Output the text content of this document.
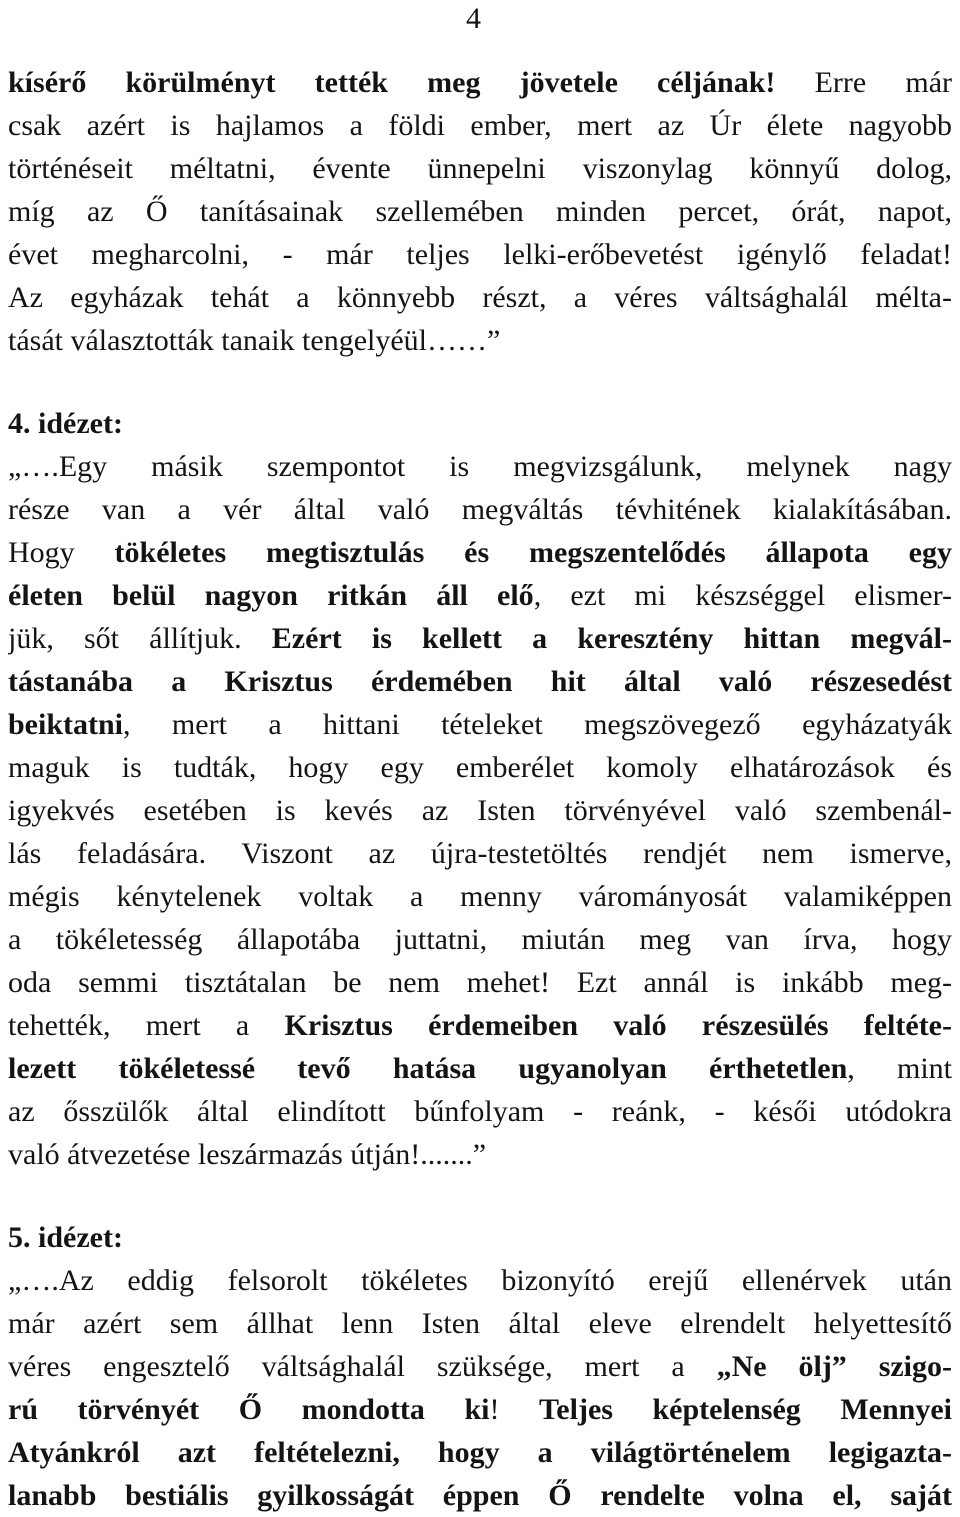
4
kísérő körülményt tették meg jövetele céljának! Erre már
csak azért is hajlamos a földi ember, mert az Úr élete nagyobb
történéseit méltatni, évente ünnepelni viszonylag könnyű dolog,
míg az Ő tanításainak szellemében minden percet, órát, napot,
évet megharcolni, - már teljes lelki-erőbevetést igénylő feladat!
Az egyházak tehát a könnyebb részt, a véres váltsághalál mélta-
tását választották tanaik tengelyéül……”
4. idézet:
„….Egy másik szempontot is megvizsgálunk, melynek nagy
része van a vér által való megváltás tévhitének kialakításában.
Hogy tökéletes megtisztulás és megszentelődés állapota egy
életen belül nagyon ritkán áll elő, ezt mi készséggel elismer-
jük, sőt állítjuk. Ezért is kellett a keresztény hittan megvál-
tástanába a Krisztus érdemében hit által való részesedést
beiktatni, mert a hittani tételeket megszövegező egyházatyák
maguk is tudták, hogy egy emberélet komoly elhatározások és
igyekvés esetében is kevés az Isten törvényével való szembenál-
lás feladására. Viszont az újra-testetöltés rendjét nem ismerve,
mégis kénytelenek voltak a menny várományosát valamiképpen
a tökéletesség állapotába juttatni, miután meg van írva, hogy
oda semmi tisztátalan be nem mehet! Ezt annál is inkább meg-
tehették, mert a Krisztus érdemeiben való részesülés feltéte-
lezett tökéletessé tevő hatása ugyanolyan érthetetlen, mint
az ősszülők által elindított bűnfolyam - reánk, - késői utódokra
való átvezetése leszármazás útján!.......”
5. idézet:
„….Az eddig felsorolt tökéletes bizonyító erejű ellenérvek után
már azért sem állhat lenn Isten által eleve elrendelt helyettesítő
véres engesztelő váltsághalál szüksége, mert a „Ne ölj” szigo-
rú törvényét Ő mondotta ki! Teljes képtelenség Mennyei
Atyánkról azt feltételezni, hogy a világtörténelem legigazta-
lanabb bestiális gyilkosságát éppen Ő rendelte volna el, saját
